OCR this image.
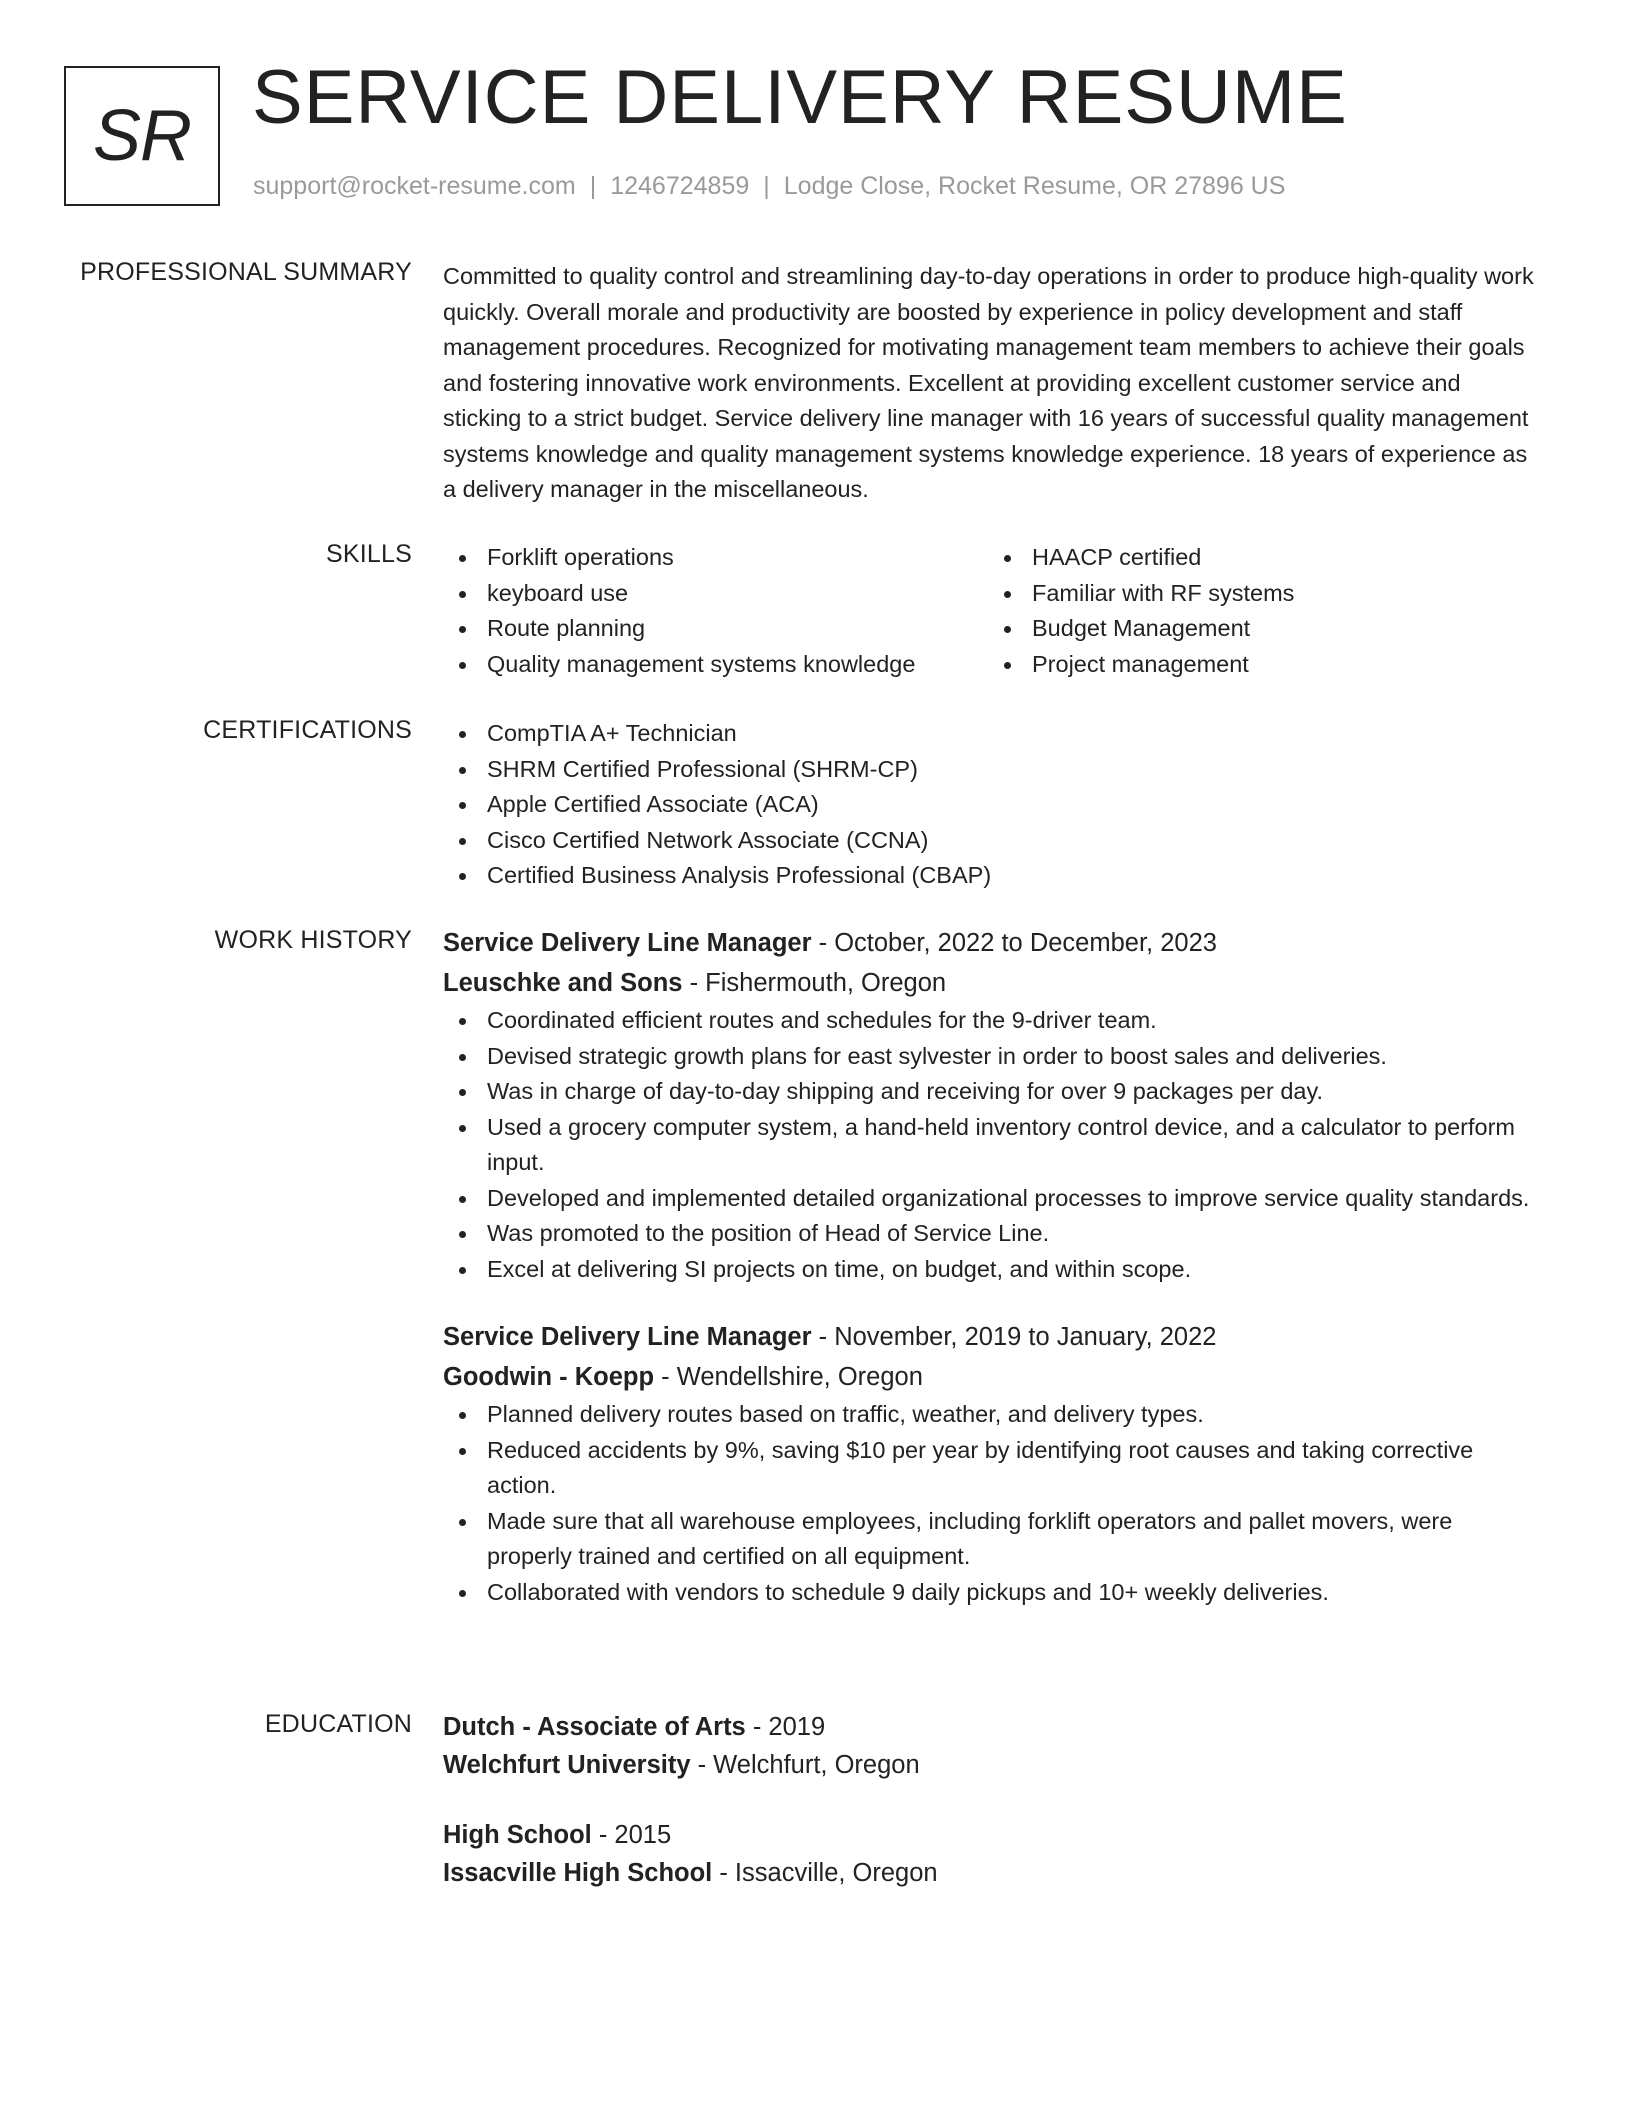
SR SERVICE DELIVERY RESUME
support@rocket-resume.com | 1246724859 | Lodge Close, Rocket Resume, OR 27896 US
PROFESSIONAL SUMMARY Committed to quality control and streamlining day-to-day operations in order to produce high-quality work quickly. Overall morale and productivity are boosted by experience in policy development and staff management procedures. Recognized for motivating management team members to achieve their goals and fostering innovative work environments. Excellent at providing excellent customer service and sticking to a strict budget. Service delivery line manager with 16 years of successful quality management systems knowledge and quality management systems knowledge experience. 18 years of experience as a delivery manager in the miscellaneous.

SKILLS	Forklift operations
keyboard use
Route planning
Quality management systems knowledge
HAACP certified
Familiar with RF systems
Budget Management
Project management
CERTIFICATIONS	CompTIA A+ Technician
SHRM Certified Professional (SHRM-CP)
Apple Certified Associate (ACA)
Cisco Certified Network Associate (CCNA)
Certified Business Analysis Professional (CBAP)
WORK HISTORY Service Delivery Line Manager - October, 2022 to December, 2023
Leuschke and Sons - Fishermouth, Oregon
Coordinated efficient routes and schedules for the 9-driver team.
Devised strategic growth plans for east sylvester in order to boost sales and deliveries.
Was in charge of day-to-day shipping and receiving for over 9 packages per day.
Used a grocery computer system, a hand-held inventory control device, and a calculator to perform input.
Developed and implemented detailed organizational processes to improve service quality standards.
Was promoted to the position of Head of Service Line.
Excel at delivering SI projects on time, on budget, and within scope.
Service Delivery Line Manager - November, 2019 to January, 2022
Goodwin - Koepp - Wendellshire, Oregon
Planned delivery routes based on traffic, weather, and delivery types.
Reduced accidents by 9%, saving $10 per year by identifying root causes and taking corrective action.
Made sure that all warehouse employees, including forklift operators and pallet movers, were properly trained and certified on all equipment.
Collaborated with vendors to schedule 9 daily pickups and 10+ weekly deliveries.
EDUCATION Dutch - Associate of Arts - 2019
Welchfurt University - Welchfurt, Oregon
High School - 2015
Issacville High School - Issacville, Oregon
